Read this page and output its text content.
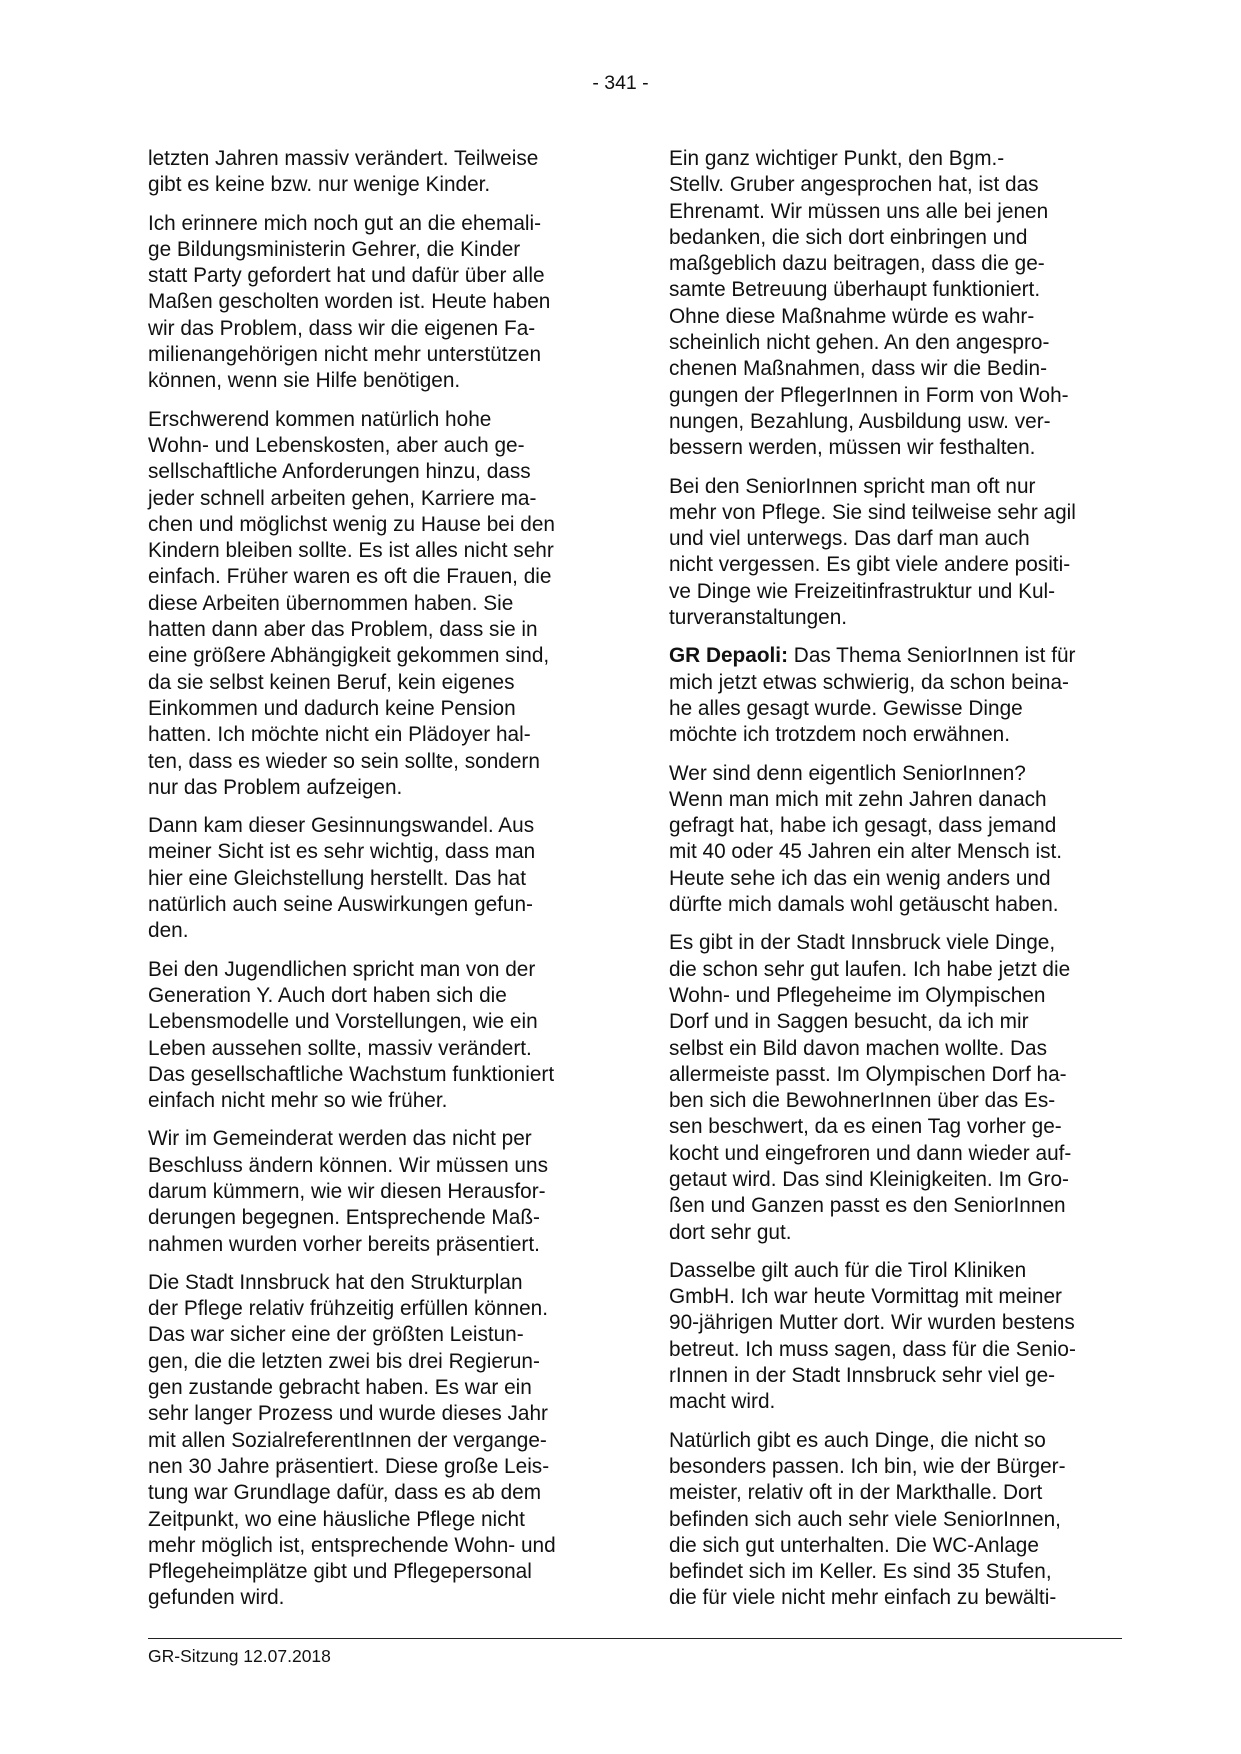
- 341 -

letzten Jahren massiv verändert. Teilweise
gibt es keine bzw. nur wenige Kinder.

Ich erinnere mich noch gut an die ehemali-
ge Bildungsministerin Gehrer, die Kinder
statt Party gefordert hat und dafür über alle
Maßen gescholten worden ist. Heute haben
wir das Problem, dass wir die eigenen Fa-
milienangehörigen nicht mehr unterstützen
können, wenn sie Hilfe benötigen.

Erschwerend kommen natürlich hohe
Wohn- und Lebenskosten, aber auch ge-
sellschaftliche Anforderungen hinzu, dass
jeder schnell arbeiten gehen, Karriere ma-
chen und möglichst wenig zu Hause bei den
Kindern bleiben sollte. Es ist alles nicht sehr
einfach. Früher waren es oft die Frauen, die
diese Arbeiten übernommen haben. Sie
hatten dann aber das Problem, dass sie in
eine größere Abhängigkeit gekommen sind,
da sie selbst keinen Beruf, kein eigenes
Einkommen und dadurch keine Pension
hatten. Ich möchte nicht ein Plädoyer hal-
ten, dass es wieder so sein sollte, sondern
nur das Problem aufzeigen.

Dann kam dieser Gesinnungswandel. Aus
meiner Sicht ist es sehr wichtig, dass man
hier eine Gleichstellung herstellt. Das hat
natürlich auch seine Auswirkungen gefun-
den.

Bei den Jugendlichen spricht man von der
Generation Y. Auch dort haben sich die
Lebensmodelle und Vorstellungen, wie ein
Leben aussehen sollte, massiv verändert.
Das gesellschaftliche Wachstum funktioniert
einfach nicht mehr so wie früher.

Wir im Gemeinderat werden das nicht per
Beschluss ändern können. Wir müssen uns
darum kümmern, wie wir diesen Herausfor-
derungen begegnen. Entsprechende Maß-
nahmen wurden vorher bereits präsentiert.

Die Stadt Innsbruck hat den Strukturplan
der Pflege relativ frühzeitig erfüllen können.
Das war sicher eine der größten Leistun-
gen, die die letzten zwei bis drei Regierun-
gen zustande gebracht haben. Es war ein
sehr langer Prozess und wurde dieses Jahr
mit allen SozialreferentInnen der vergange-
nen 30 Jahre präsentiert. Diese große Leis-
tung war Grundlage dafür, dass es ab dem
Zeitpunkt, wo eine häusliche Pflege nicht
mehr möglich ist, entsprechende Wohn- und
Pflegeheimplätze gibt und Pflegepersonal
gefunden wird.

Ein ganz wichtiger Punkt, den Bgm.-
Stellv. Gruber angesprochen hat, ist das
Ehrenamt. Wir müssen uns alle bei jenen
bedanken, die sich dort einbringen und
maßgeblich dazu beitragen, dass die ge-
samte Betreuung überhaupt funktioniert.
Ohne diese Maßnahme würde es wahr-
scheinlich nicht gehen. An den angespro-
chenen Maßnahmen, dass wir die Bedin-
gungen der PflegerInnen in Form von Woh-
nungen, Bezahlung, Ausbildung usw. ver-
bessern werden, müssen wir festhalten.

Bei den SeniorInnen spricht man oft nur
mehr von Pflege. Sie sind teilweise sehr agil
und viel unterwegs. Das darf man auch
nicht vergessen. Es gibt viele andere positi-
ve Dinge wie Freizeitinfrastruktur und Kul-
turveranstaltungen.

GR Depaoli: Das Thema SeniorInnen ist für
mich jetzt etwas schwierig, da schon beina-
he alles gesagt wurde. Gewisse Dinge
möchte ich trotzdem noch erwähnen.

Wer sind denn eigentlich SeniorInnen?
Wenn man mich mit zehn Jahren danach
gefragt hat, habe ich gesagt, dass jemand
mit 40 oder 45 Jahren ein alter Mensch ist.
Heute sehe ich das ein wenig anders und
dürfte mich damals wohl getäuscht haben.

Es gibt in der Stadt Innsbruck viele Dinge,
die schon sehr gut laufen. Ich habe jetzt die
Wohn- und Pflegeheime im Olympischen
Dorf und in Saggen besucht, da ich mir
selbst ein Bild davon machen wollte. Das
allermeiste passt. Im Olympischen Dorf ha-
ben sich die BewohnerInnen über das Es-
sen beschwert, da es einen Tag vorher ge-
kocht und eingefroren und dann wieder auf-
getaut wird. Das sind Kleinigkeiten. Im Gro-
ßen und Ganzen passt es den SeniorInnen
dort sehr gut.

Dasselbe gilt auch für die Tirol Kliniken
GmbH. Ich war heute Vormittag mit meiner
90-jährigen Mutter dort. Wir wurden bestens
betreut. Ich muss sagen, dass für die Senio-
rInnen in der Stadt Innsbruck sehr viel ge-
macht wird.

Natürlich gibt es auch Dinge, die nicht so
besonders passen. Ich bin, wie der Bürger-
meister, relativ oft in der Markthalle. Dort
befinden sich auch sehr viele SeniorInnen,
die sich gut unterhalten. Die WC-Anlage
befindet sich im Keller. Es sind 35 Stufen,
die für viele nicht mehr einfach zu bewälti-

GR-Sitzung 12.07.2018
